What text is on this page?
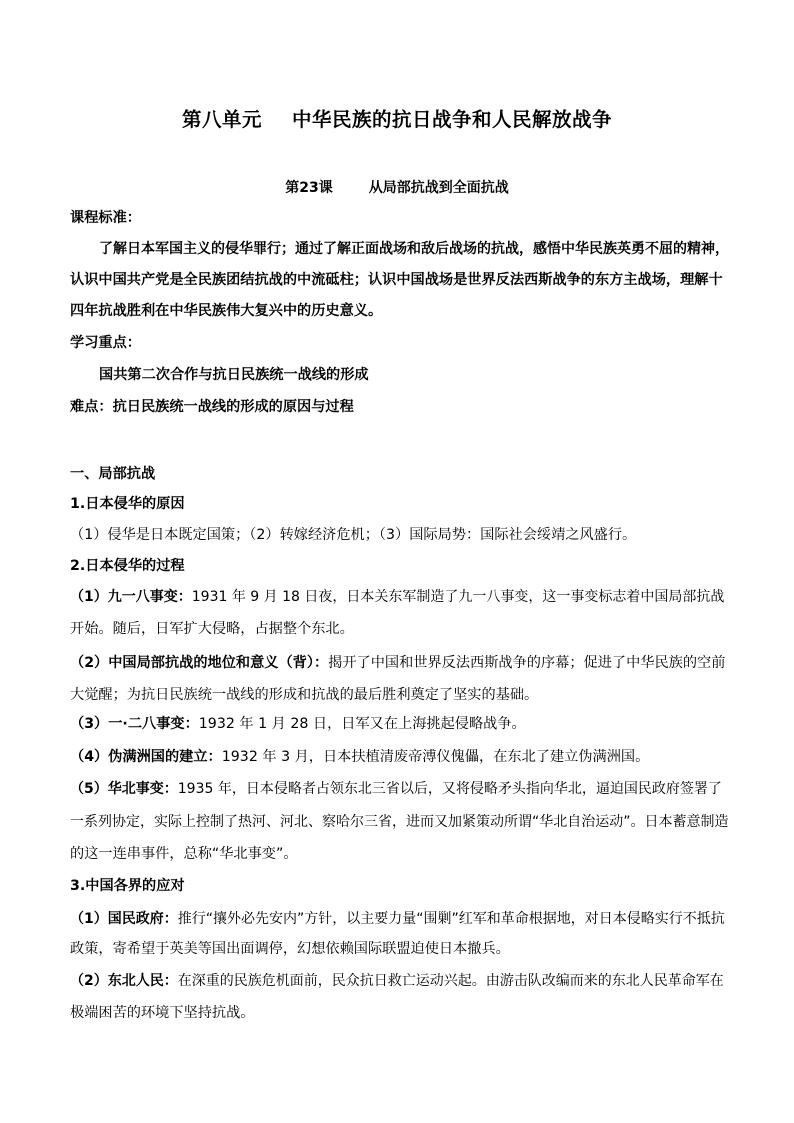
第八单元 中华民族的抗日战争和人民解放战争
第23课	从局部抗战到全面抗战
课程标准：
了解日本军国主义的侵华罪行；通过了解正面战场和敌后战场的抗战，感悟中华民族英勇不屈的精神，
认识中国共产党是全民族团结抗战的中流砥柱；认识中国战场是世界反法西斯战争的东方主战场，理解十
四年抗战胜利在中华民族伟大复兴中的历史意义。
学习重点：
国共第二次合作与抗日民族统一战线的形成
难点：抗日民族统一战线的形成的原因与过程
一、局部抗战
1.日本侵华的原因
（1）侵华是日本既定国策；（2）转嫁经济危机；（3）国际局势：国际社会绥靖之风盛行。
2.日本侵华的过程
（1）九一八事变：1931 年 9 月 18 日夜，日本关东军制造了九一八事变，这一事变标志着中国局部抗战
开始。随后，日军扩大侵略，占据整个东北。
（2）中国局部抗战的地位和意义（背）：揭开了中国和世界反法西斯战争的序幕；促进了中华民族的空前
大觉醒；为抗日民族统一战线的形成和抗战的最后胜利奠定了坚实的基础。
（3）一·二八事变：1932 年 1 月 28 日，日军又在上海挑起侵略战争。
（4）伪满洲国的建立：1932 年 3 月，日本扶植清废帝溥仪傀儡，在东北了建立伪满洲国。
（5）华北事变：1935 年，日本侵略者占领东北三省以后，又将侵略矛头指向华北，逼迫国民政府签署了
一系列协定，实际上控制了热河、河北、察哈尔三省，进而又加紧策动所谓“华北自治运动”。日本蓄意制造
的这一连串事件，总称“华北事变”。
3.中国各界的应对
（1）国民政府：推行“攘外必先安内”方针，以主要力量“围剿”红军和革命根据地，对日本侵略实行不抵抗
政策，寄希望于英美等国出面调停，幻想依赖国际联盟迫使日本撤兵。
（2）东北人民：在深重的民族危机面前，民众抗日救亡运动兴起。由游击队改编而来的东北人民革命军在
极端困苦的环境下坚持抗战。
